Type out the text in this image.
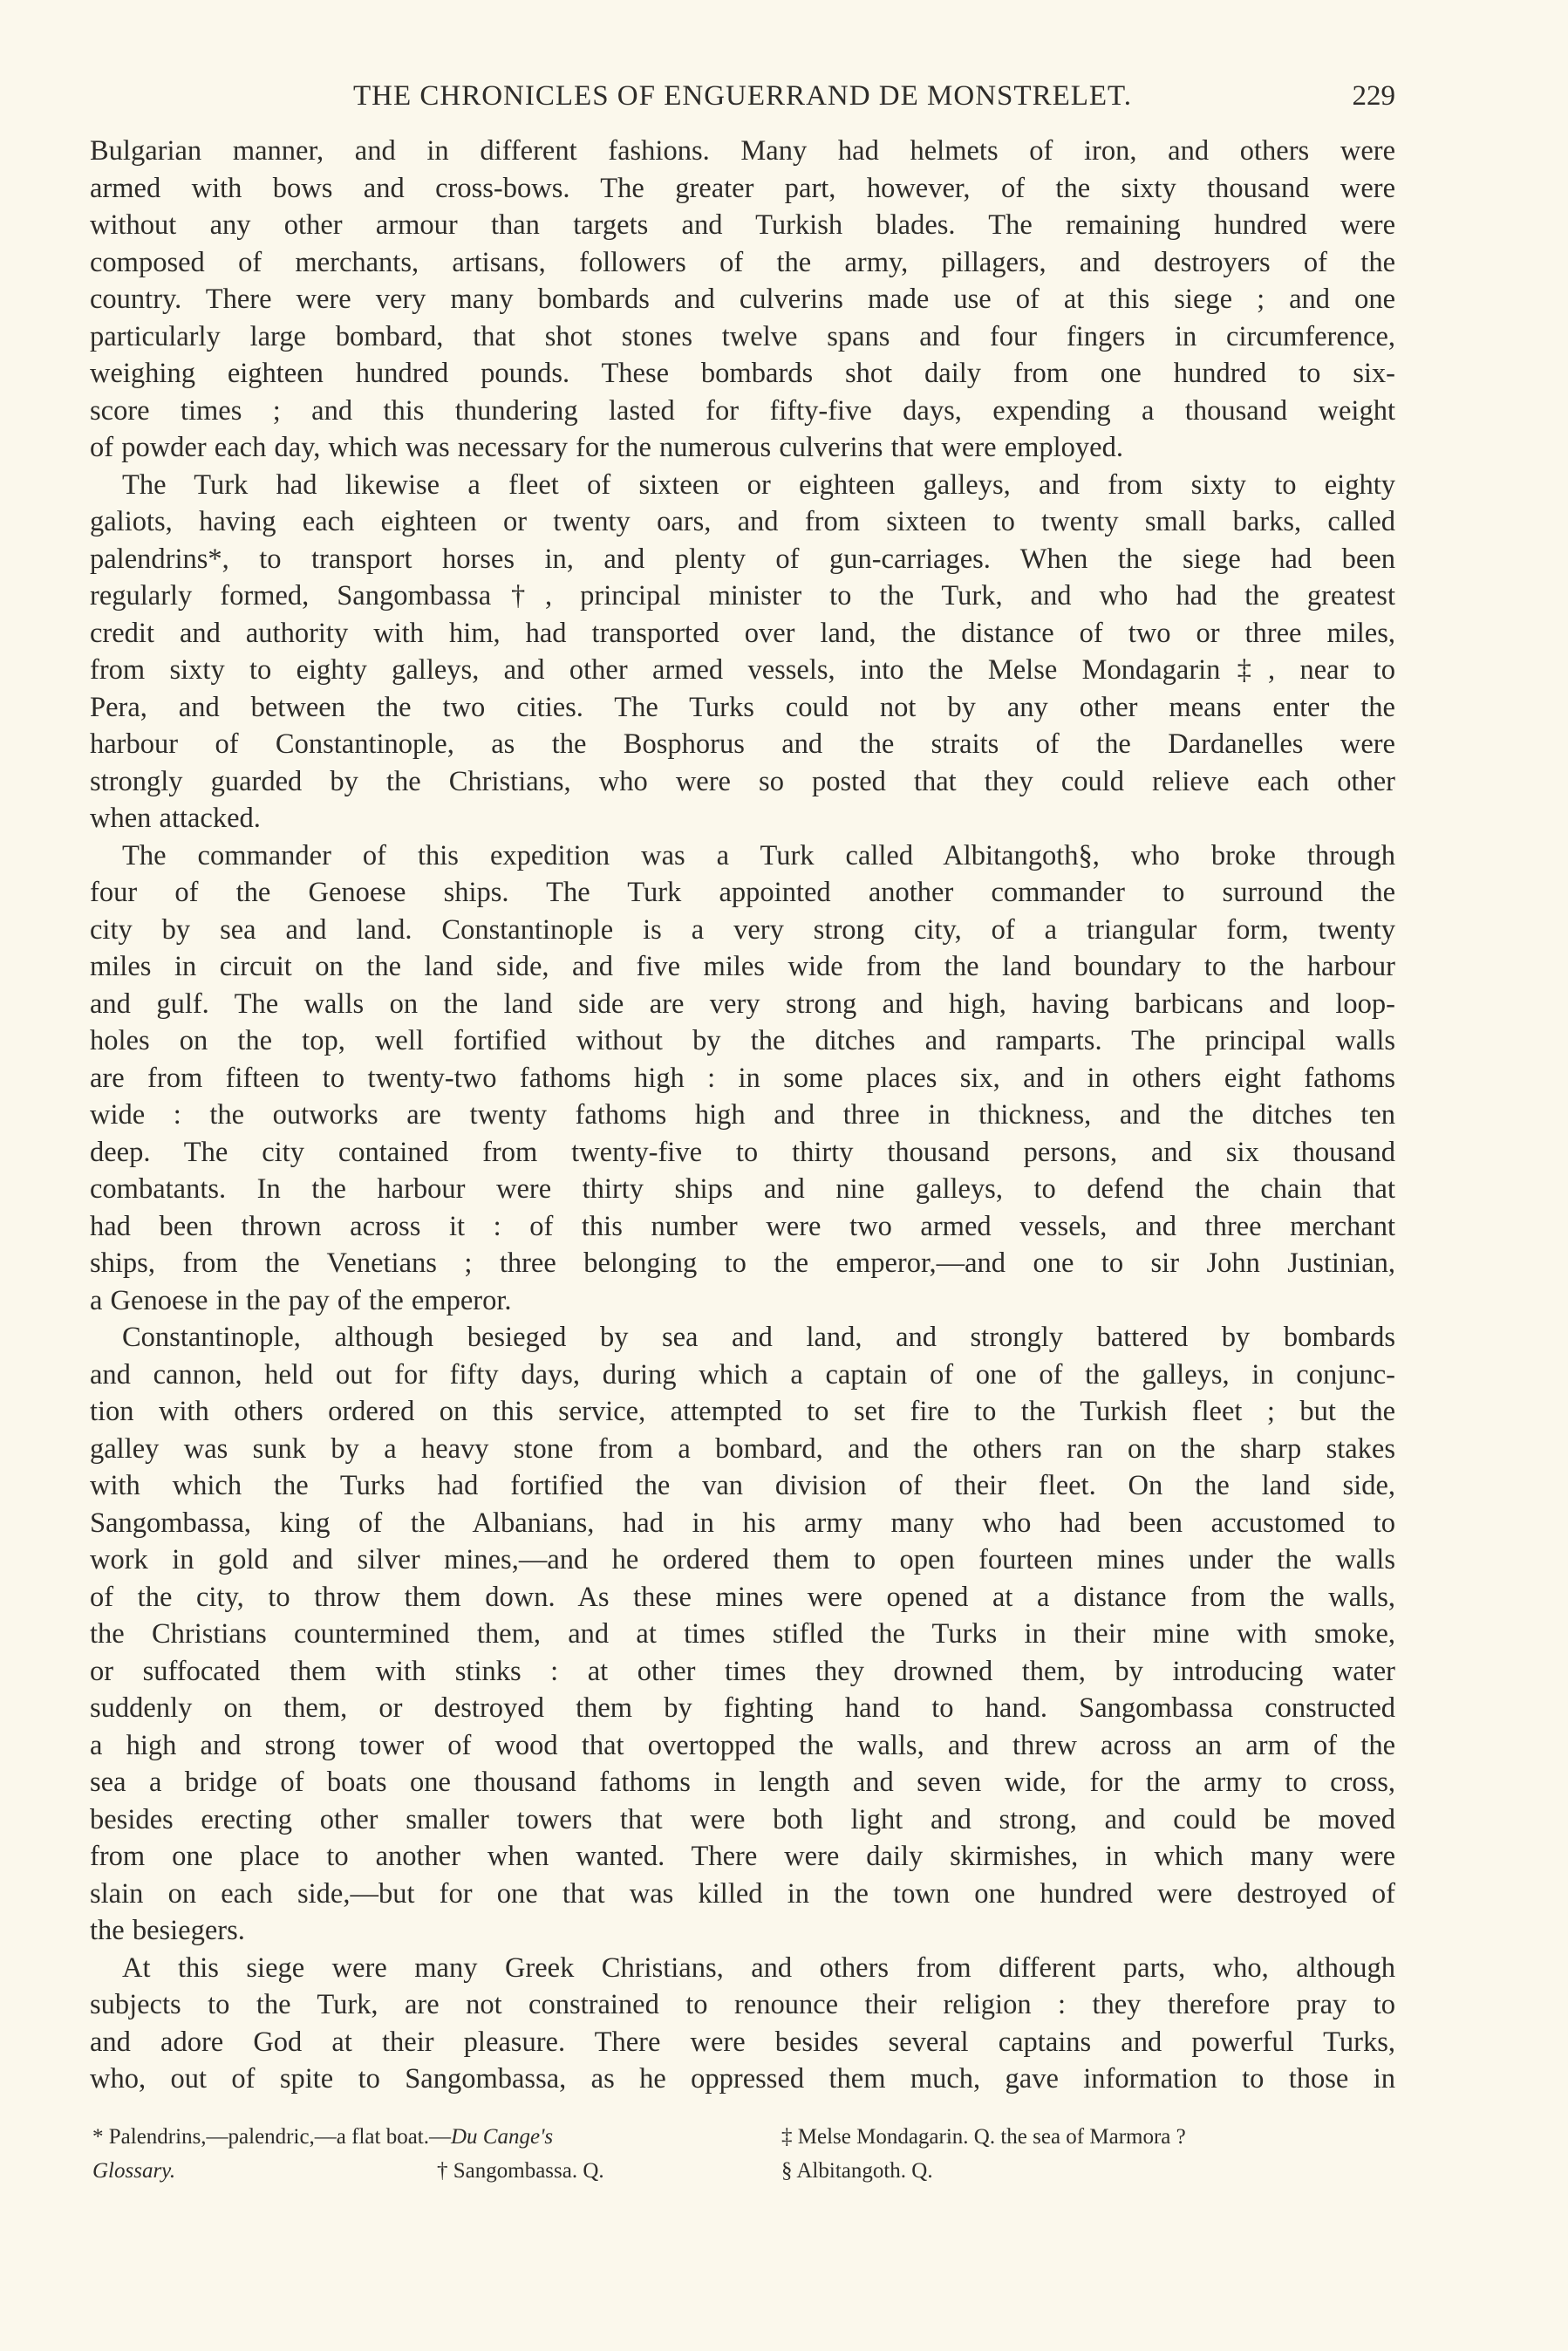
THE CHRONICLES OF ENGUERRAND DE MONSTRELET.	229
Bulgarian manner, and in different fashions. Many had helmets of iron, and others were
armed with bows and cross-bows. The greater part, however, of the sixty thousand were
without any other armour than targets and Turkish blades. The remaining hundred were
composed of merchants, artisans, followers of the army, pillagers, and destroyers of the
country. There were very many bombards and culverins made use of at this siege ; and one
particularly large bombard, that shot stones twelve spans and four fingers in circumference,
weighing eighteen hundred pounds. These bombards shot daily from one hundred to six-
score times ; and this thundering lasted for fifty-five days, expending a thousand weight
of powder each day, which was necessary for the numerous culverins that were employed.
The Turk had likewise a fleet of sixteen or eighteen galleys, and from sixty to eighty
galiots, having each eighteen or twenty oars, and from sixteen to twenty small barks, called
palendrins*, to transport horses in, and plenty of gun-carriages. When the siege had been
regularly formed, Sangombassa†, principal minister to the Turk, and who had the greatest
credit and authority with him, had transported over land, the distance of two or three miles,
from sixty to eighty galleys, and other armed vessels, into the Melse Mondagarin‡, near to
Pera, and between the two cities. The Turks could not by any other means enter the
harbour of Constantinople, as the Bosphorus and the straits of the Dardanelles were
strongly guarded by the Christians, who were so posted that they could relieve each other
when attacked.
The commander of this expedition was a Turk called Albitangoth§, who broke through
four of the Genoese ships. The Turk appointed another commander to surround the
city by sea and land. Constantinople is a very strong city, of a triangular form, twenty
miles in circuit on the land side, and five miles wide from the land boundary to the harbour
and gulf. The walls on the land side are very strong and high, having barbicans and loop-
holes on the top, well fortified without by the ditches and ramparts. The principal walls
are from fifteen to twenty-two fathoms high : in some places six, and in others eight fathoms
wide : the outworks are twenty fathoms high and three in thickness, and the ditches ten
deep. The city contained from twenty-five to thirty thousand persons, and six thousand
combatants. In the harbour were thirty ships and nine galleys, to defend the chain that
had been thrown across it : of this number were two armed vessels, and three merchant
ships, from the Venetians ; three belonging to the emperor,—and one to sir John Justinian,
a Genoese in the pay of the emperor.
Constantinople, although besieged by sea and land, and strongly battered by bombards
and cannon, held out for fifty days, during which a captain of one of the galleys, in conjunc-
tion with others ordered on this service, attempted to set fire to the Turkish fleet ; but the
galley was sunk by a heavy stone from a bombard, and the others ran on the sharp stakes
with which the Turks had fortified the van division of their fleet. On the land side,
Sangombassa, king of the Albanians, had in his army many who had been accustomed to
work in gold and silver mines,—and he ordered them to open fourteen mines under the walls
of the city, to throw them down. As these mines were opened at a distance from the walls,
the Christians countermined them, and at times stifled the Turks in their mine with smoke,
or suffocated them with stinks : at other times they drowned them, by introducing water
suddenly on them, or destroyed them by fighting hand to hand. Sangombassa constructed
a high and strong tower of wood that overtopped the walls, and threw across an arm of the
sea a bridge of boats one thousand fathoms in length and seven wide, for the army to cross,
besides erecting other smaller towers that were both light and strong, and could be moved
from one place to another when wanted. There were daily skirmishes, in which many were
slain on each side,—but for one that was killed in the town one hundred were destroyed of
the besiegers.
At this siege were many Greek Christians, and others from different parts, who, although
subjects to the Turk, are not constrained to renounce their religion : they therefore pray to
and adore God at their pleasure. There were besides several captains and powerful Turks,
who, out of spite to Sangombassa, as he oppressed them much, gave information to those in
* Palendrins,—palendric,—a flat boat.—Du Cange's
Glossary.	† Sangombassa. Q.
‡ Melse Mondagarin. Q. the sea of Marmora ?
§ Albitangoth. Q.
